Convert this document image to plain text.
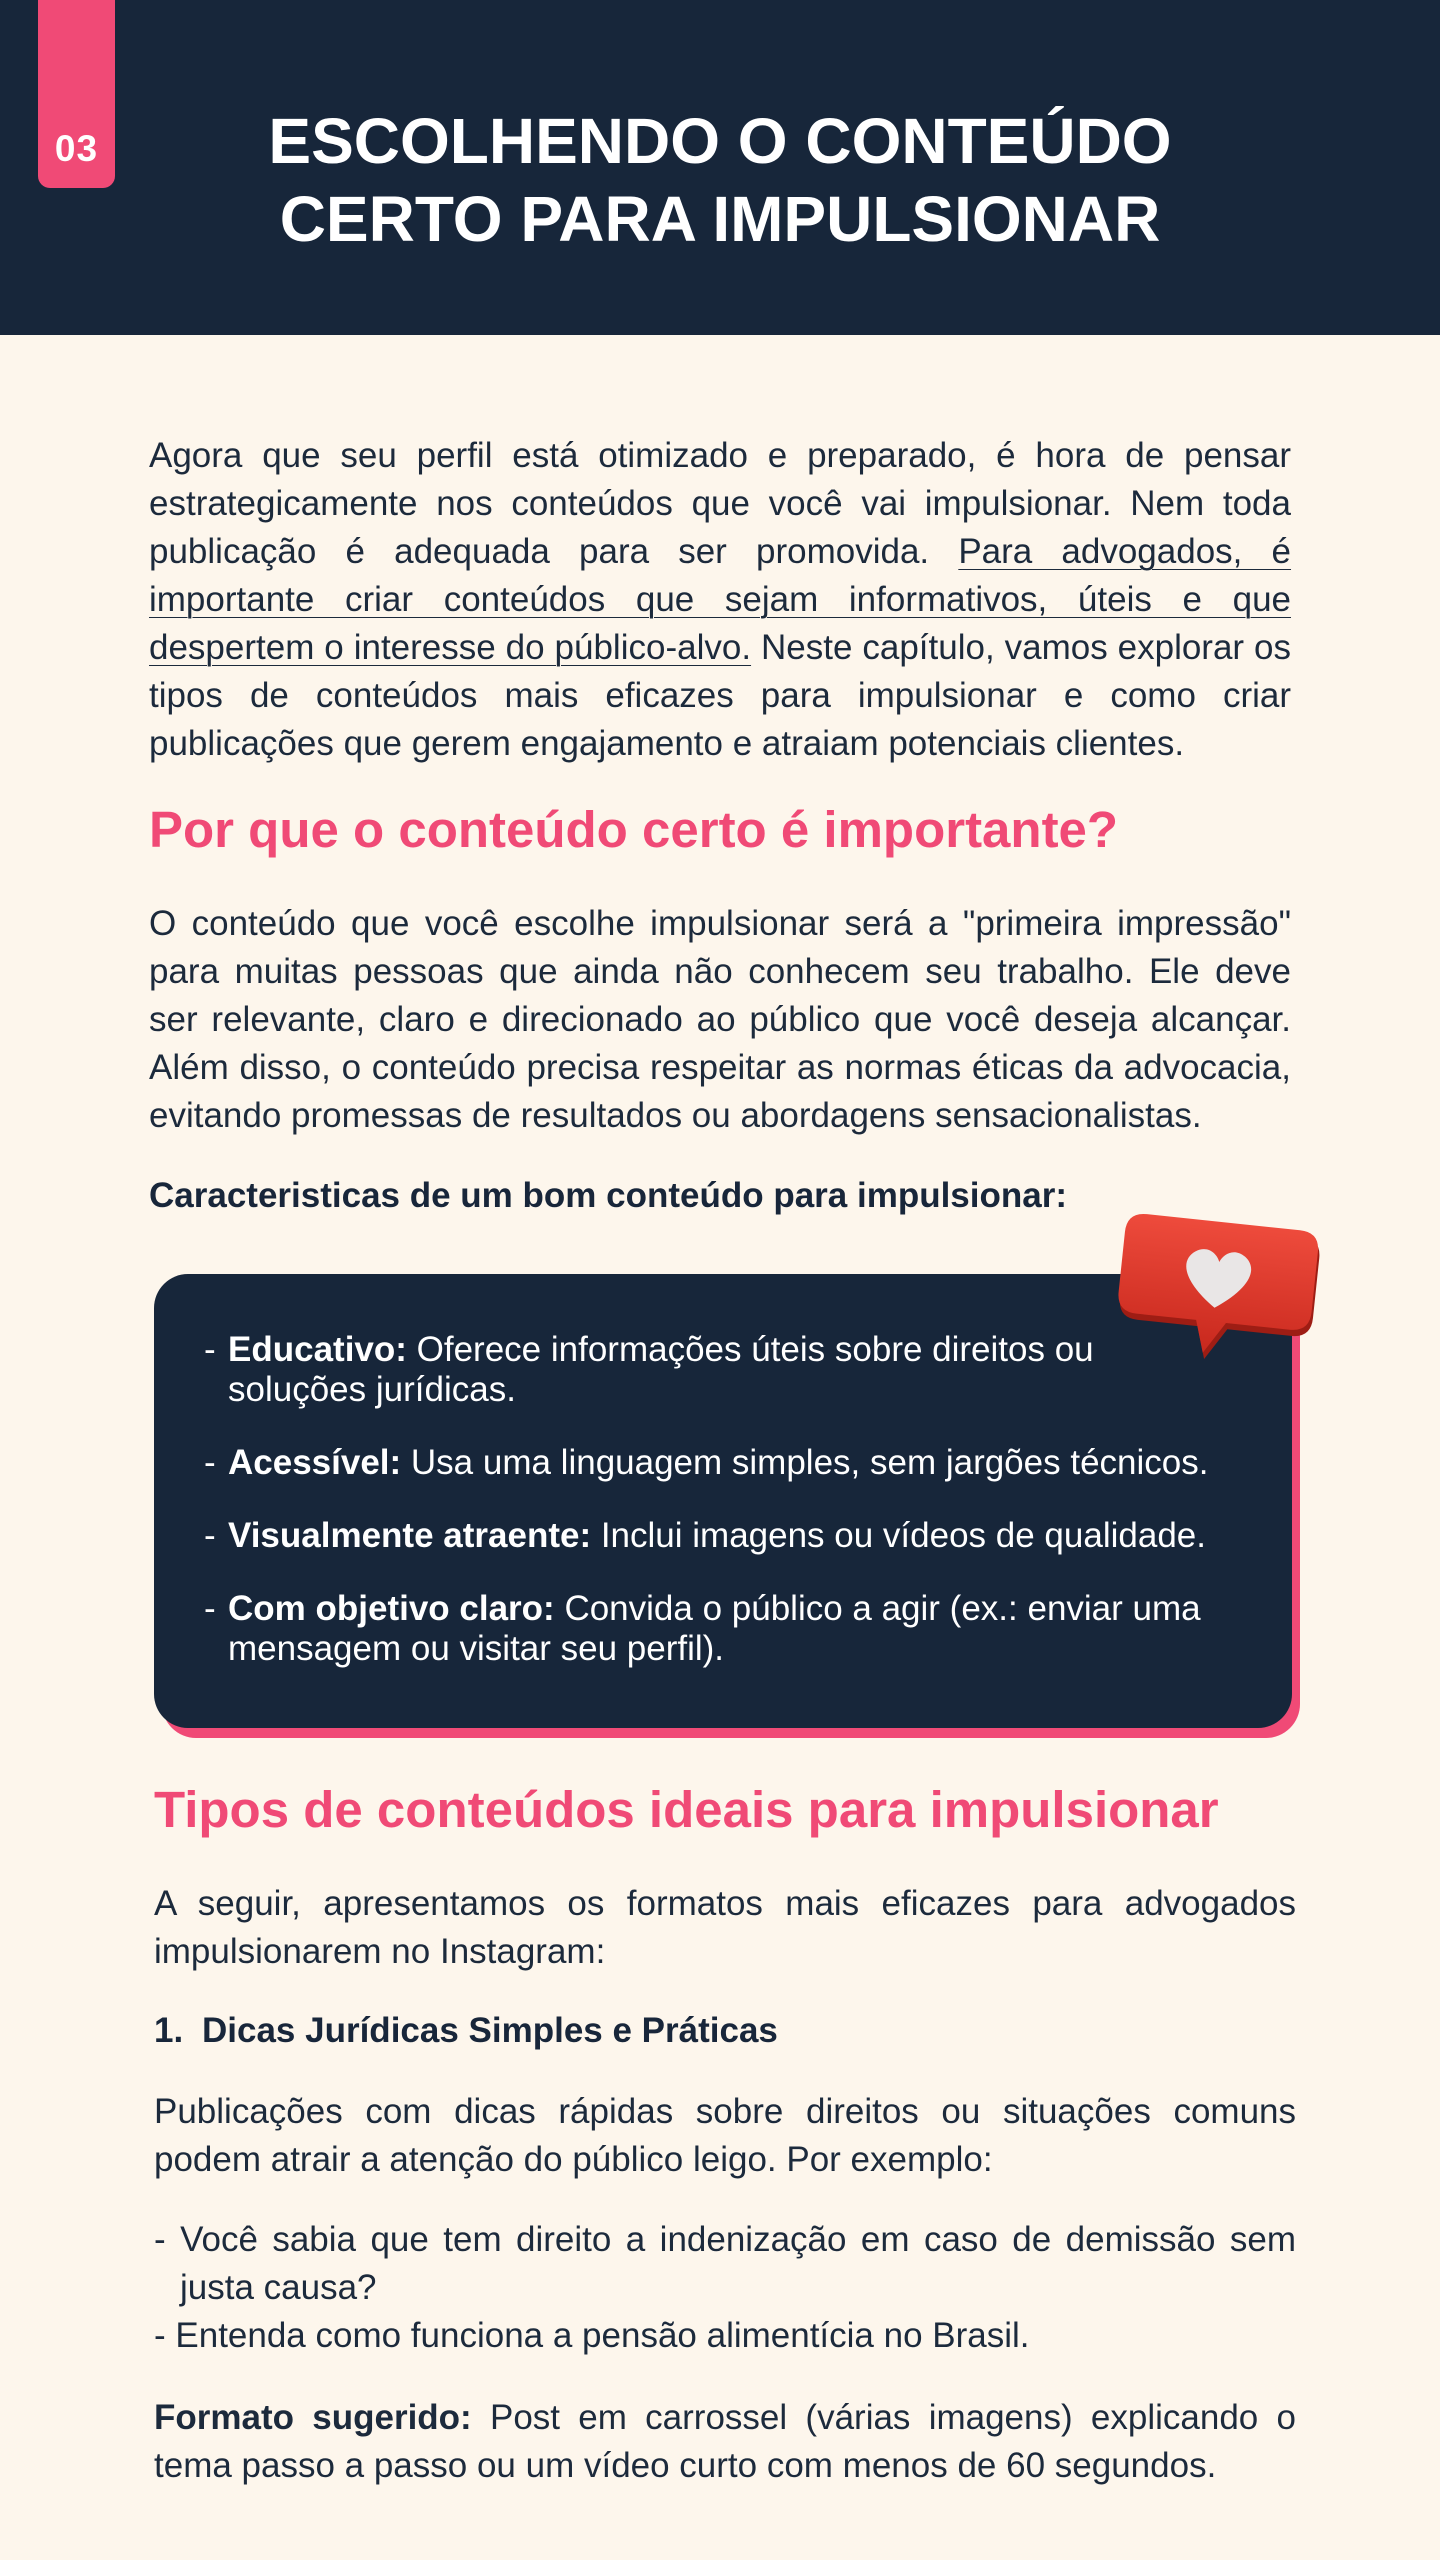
03	ESCOLHENDO O CONTEÚDO
CERTO PARA IMPULSIONAR

Agora que seu perfil está otimizado e preparado, é hora de pensar estrategicamente nos conteúdos que você vai impulsionar. Nem toda publicação é adequada para ser promovida. Para advogados, é importante criar conteúdos que sejam informativos, úteis e que despertem o interesse do público-alvo. Neste capítulo, vamos explorar os tipos de conteúdos mais eficazes para impulsionar e como criar publicações que gerem engajamento e atraiam potenciais clientes.

Por que o conteúdo certo é importante?

O conteúdo que você escolhe impulsionar será a "primeira impressão" para muitas pessoas que ainda não conhecem seu trabalho. Ele deve ser relevante, claro e direcionado ao público que você deseja alcançar. Além disso, o conteúdo precisa respeitar as normas éticas da advocacia, evitando promessas de resultados ou abordagens sensacionalistas.

Caracteristicas de um bom conteúdo para impulsionar:

- Educativo: Oferece informações úteis sobre direitos ou soluções jurídicas.
- Acessível: Usa uma linguagem simples, sem jargões técnicos.
- Visualmente atraente: Inclui imagens ou vídeos de qualidade.
- Com objetivo claro: Convida o público a agir (ex.: enviar uma mensagem ou visitar seu perfil).
Tipos de conteúdos ideais para impulsionar

A seguir, apresentamos os formatos mais eficazes para advogados impulsionarem no Instagram:

1. Dicas Jurídicas Simples e Práticas

Publicações com dicas rápidas sobre direitos ou situações comuns podem atrair a atenção do público leigo. Por exemplo:

- Você sabia que tem direito a indenização em caso de demissão sem justa causa?

- Entenda como funciona a pensão alimentícia no Brasil.

Formato sugerido: Post em carrossel (várias imagens) explicando o tema passo a passo ou um vídeo curto com menos de 60 segundos.
